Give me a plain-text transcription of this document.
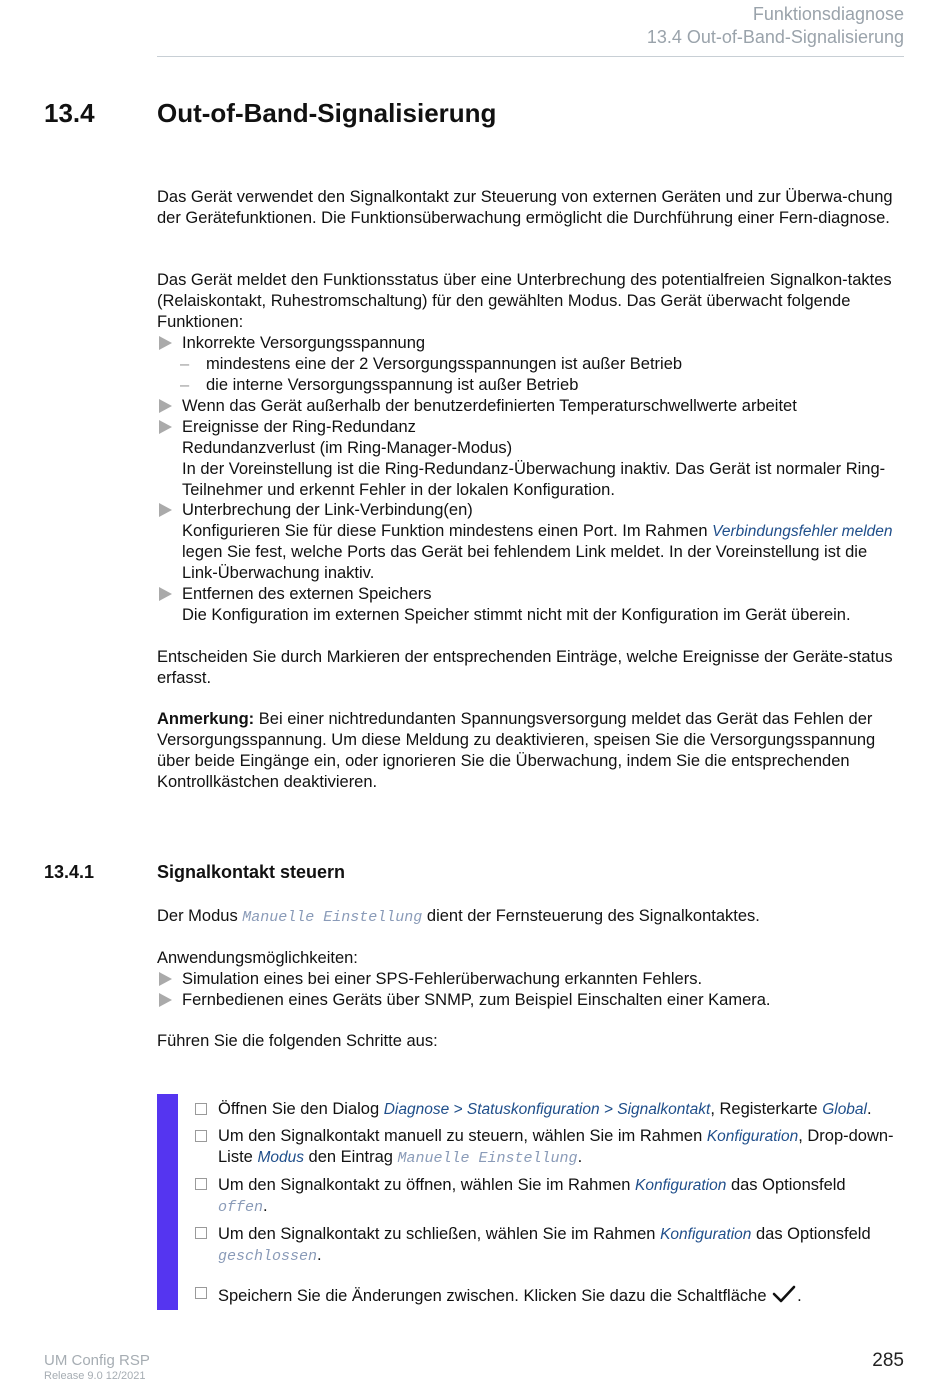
Funktionsdiagnose
13.4 Out-of-Band-Signalisierung
13.4 Out-of-Band-Signalisierung
Das Gerät verwendet den Signalkontakt zur Steuerung von externen Geräten und zur Überwa-chung der Gerätefunktionen. Die Funktionsüberwachung ermöglicht die Durchführung einer Fern-diagnose.
Das Gerät meldet den Funktionsstatus über eine Unterbrechung des potentialfreien Signalkon-taktes (Relaiskontakt, Ruhestromschaltung) für den gewählten Modus. Das Gerät überwacht folgende Funktionen:
Inkorrekte Versorgungsspannung
– mindestens eine der 2 Versorgungsspannungen ist außer Betrieb
– die interne Versorgungsspannung ist außer Betrieb
Wenn das Gerät außerhalb der benutzerdefinierten Temperaturschwellwerte arbeitet
Ereignisse der Ring-Redundanz
Redundanzverlust (im Ring-Manager-Modus)
In der Voreinstellung ist die Ring-Redundanz-Überwachung inaktiv. Das Gerät ist normaler Ring-Teilnehmer und erkennt Fehler in der lokalen Konfiguration.
Unterbrechung der Link-Verbindung(en)
Konfigurieren Sie für diese Funktion mindestens einen Port. Im Rahmen Verbindungsfehler melden legen Sie fest, welche Ports das Gerät bei fehlendem Link meldet. In der Voreinstellung ist die Link-Überwachung inaktiv.
Entfernen des externen Speichers
Die Konfiguration im externen Speicher stimmt nicht mit der Konfiguration im Gerät überein.
Entscheiden Sie durch Markieren der entsprechenden Einträge, welche Ereignisse der Geräte-status erfasst.
Anmerkung: Bei einer nichtredundanten Spannungsversorgung meldet das Gerät das Fehlen der Versorgungsspannung. Um diese Meldung zu deaktivieren, speisen Sie die Versorgungsspannung über beide Eingänge ein, oder ignorieren Sie die Überwachung, indem Sie die entsprechenden Kontrollkästchen deaktivieren.
13.4.1	Signalkontakt steuern
Der Modus Manuelle Einstellung dient der Fernsteuerung des Signalkontaktes.
Anwendungsmöglichkeiten:
Simulation eines bei einer SPS-Fehlerüberwachung erkannten Fehlers.
Fernbedienen eines Geräts über SNMP, zum Beispiel Einschalten einer Kamera.
Führen Sie die folgenden Schritte aus:
Öffnen Sie den Dialog Diagnose > Statuskonfiguration > Signalkontakt, Registerkarte Global.
Um den Signalkontakt manuell zu steuern, wählen Sie im Rahmen Konfiguration, Drop-down-Liste Modus den Eintrag Manuelle Einstellung.
Um den Signalkontakt zu öffnen, wählen Sie im Rahmen Konfiguration das Optionsfeld
offen.
Um den Signalkontakt zu schließen, wählen Sie im Rahmen Konfiguration das Optionsfeld
geschlossen.
Speichern Sie die Änderungen zwischen. Klicken Sie dazu die Schaltfläche .
UM Config RSP
Release 9.0 12/2021
285
